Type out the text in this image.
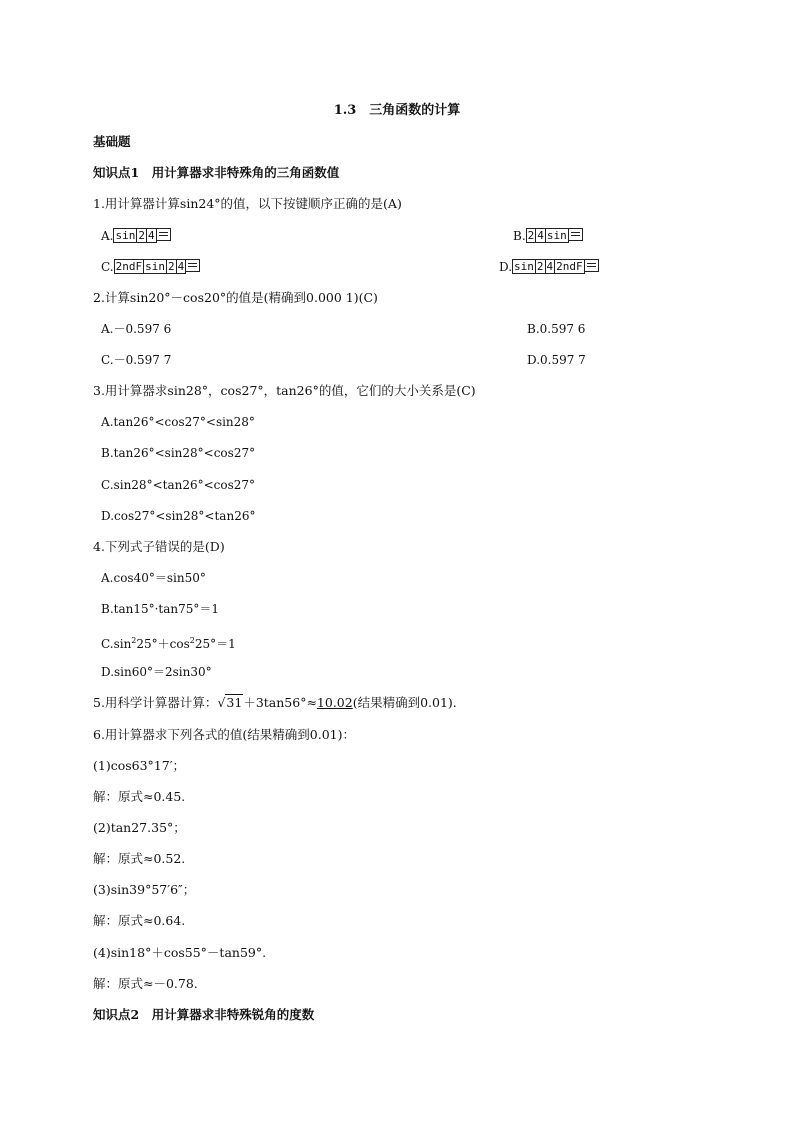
1.3　三角函数的计算
基础题
知识点1　用计算器求非特殊角的三角函数值
1.用计算器计算sin24°的值，以下按键顺序正确的是(A)
A. sin 2 4	B. 2 4 sin
C. 2ndF sin 2 4	D. sin 2 4 2ndF
2.计算sin20°－cos20°的值是(精确到0.000 1)(C)
A.－0.597 6	B.0.597 6
C.－0.597 7	D.0.597 7
3.用计算器求sin28°，cos27°，tan26°的值，它们的大小关系是(C)
A.tan26°<cos27°<sin28°
B.tan26°<sin28°<cos27°
C.sin28°<tan26°<cos27°
D.cos27°<sin28°<tan26°
4.下列式子错误的是(D)
A.cos40°＝sin50°
B.tan15°·tan75°＝1
$C.\sin^225^\circ+\cos^225^\circ=1$
D.sin60°＝2sin30°
5.用科学计算器计算：√31＋3tan56°≈10.02(结果精确到0.01).
6.用计算器求下列各式的值(结果精确到0.01)：
(1)cos63°17′；
解：原式≈0.45.
(2)tan27.35°；
解：原式≈0.52.
(3)sin39°57′6″；
解：原式≈0.64.
(4)sin18°＋cos55°－tan59°.
解：原式≈－0.78.
知识点2　用计算器求非特殊锐角的度数
